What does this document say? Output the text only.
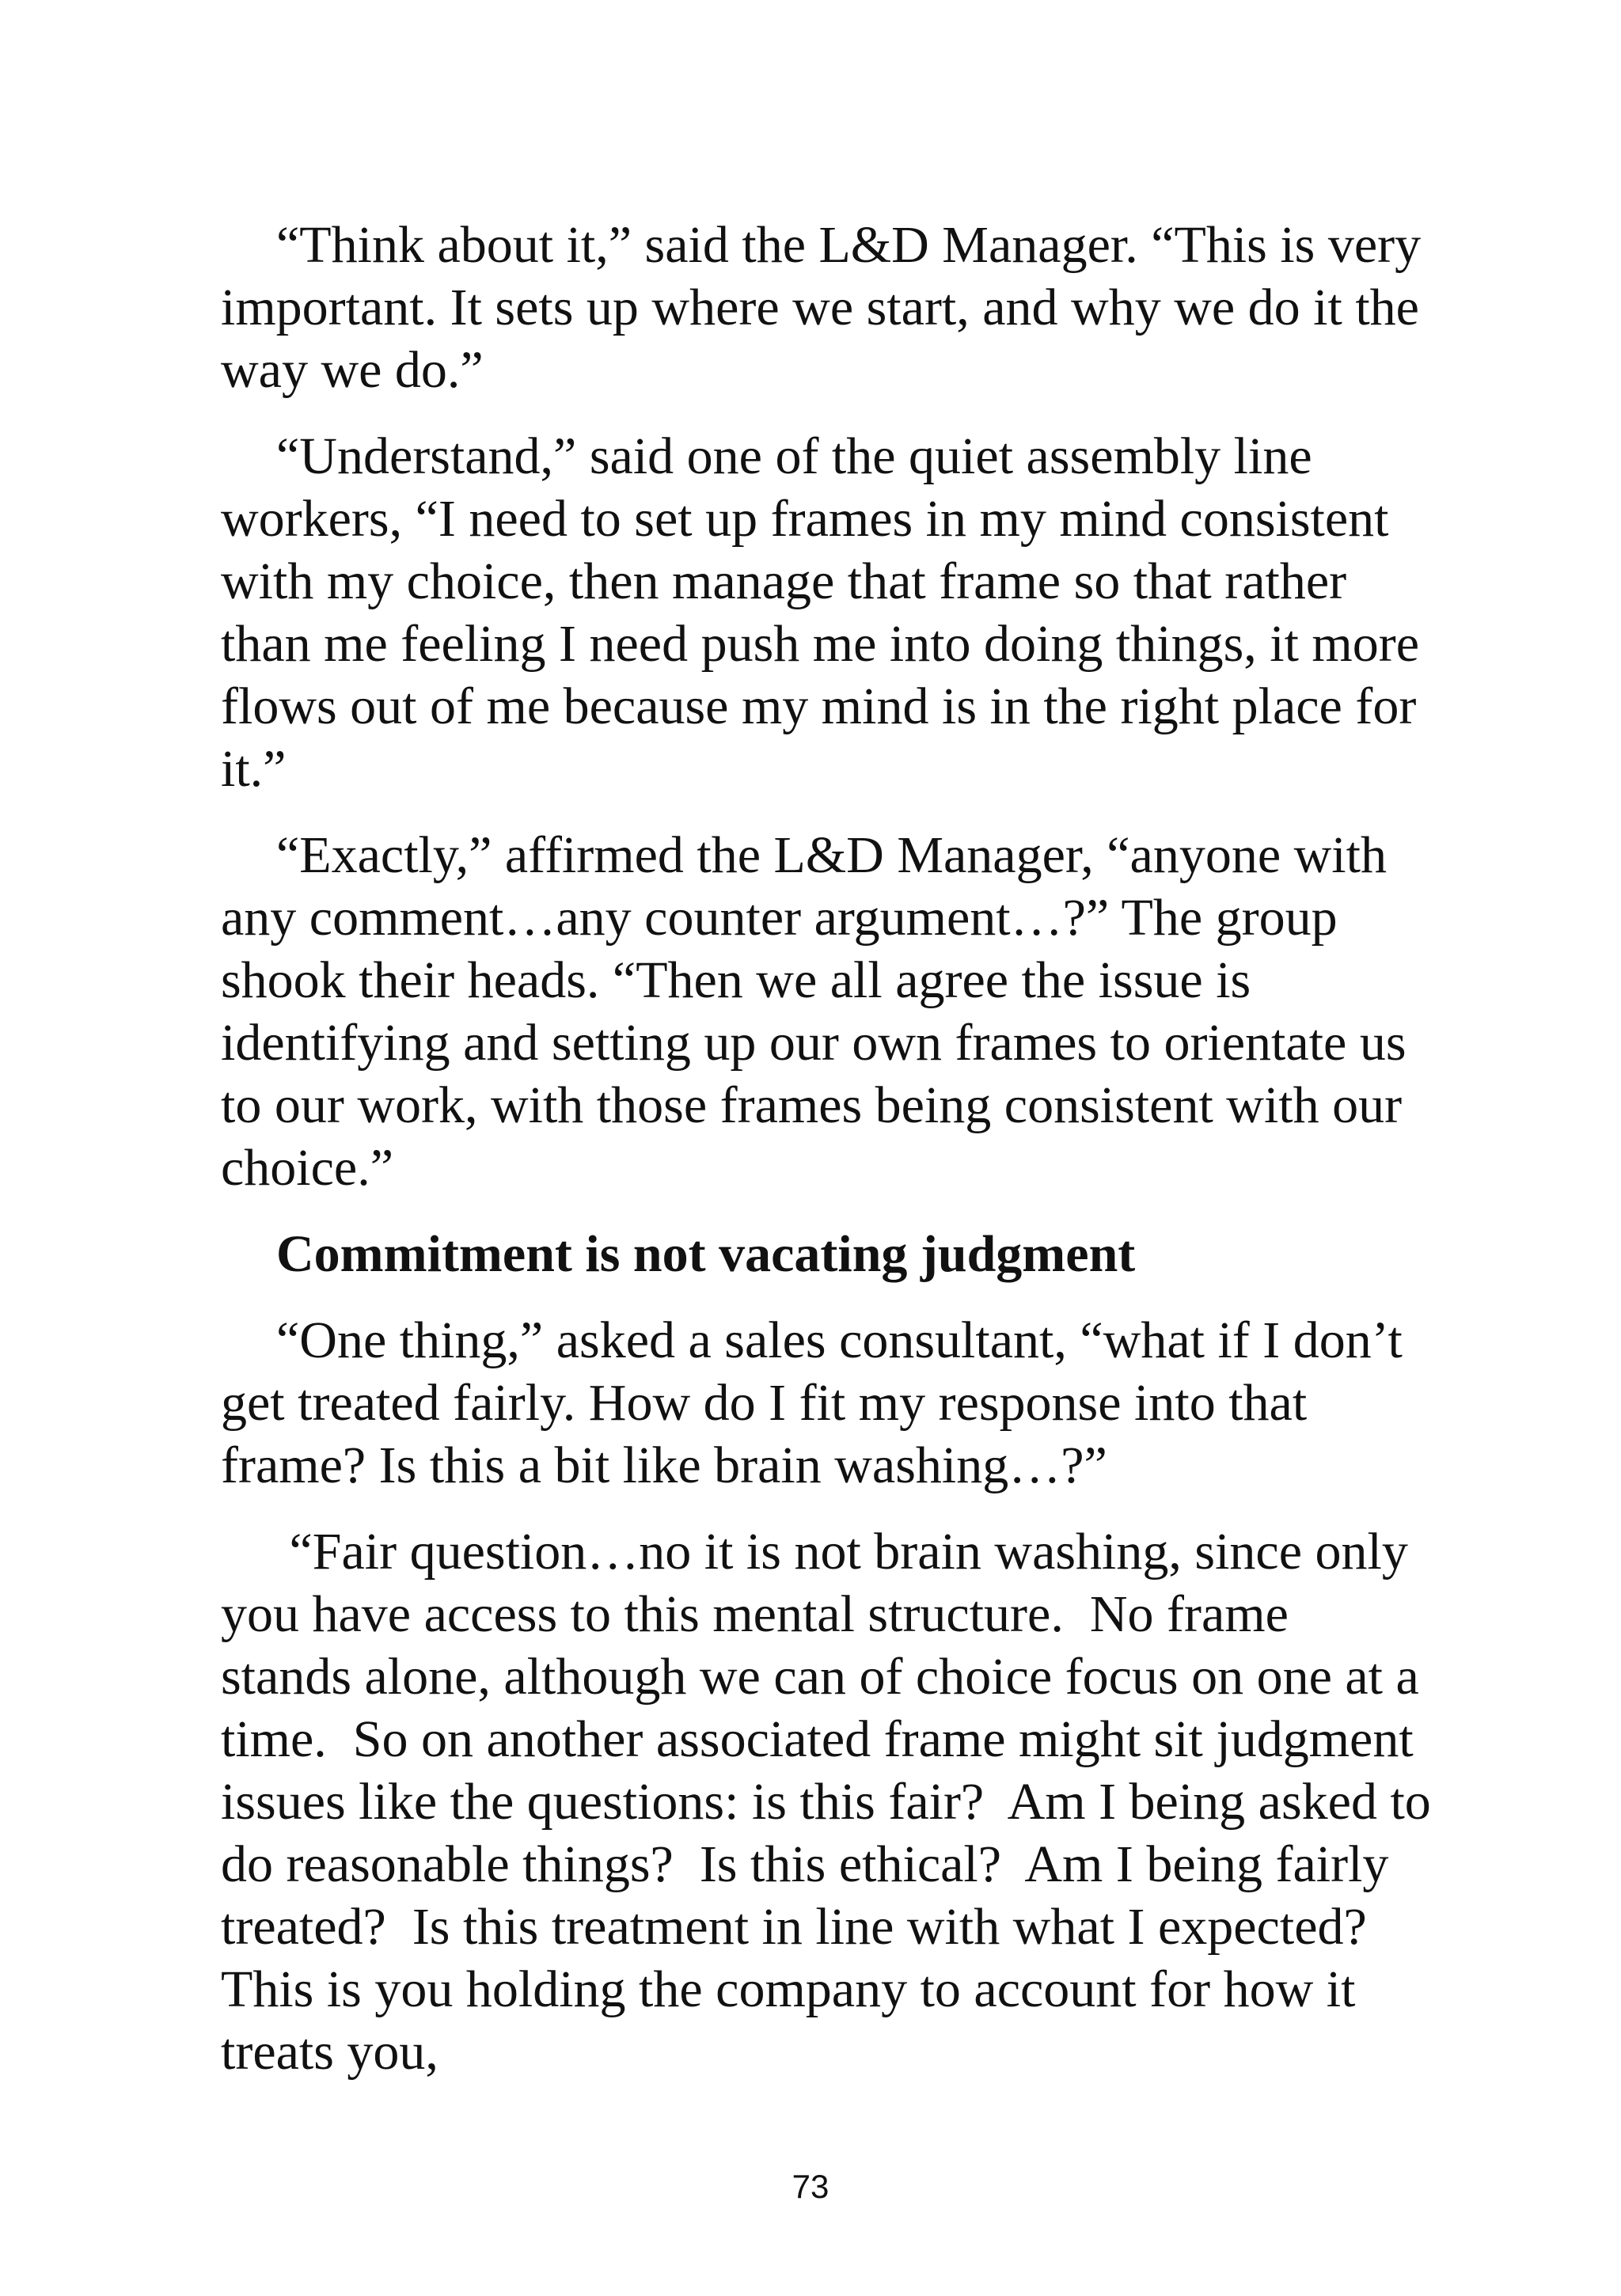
“Think about it,” said the L&D Manager. “This is very important. It sets up where we start, and why we do it the way we do.”

“Understand,” said one of the quiet assembly line workers, “I need to set up frames in my mind consistent with my choice, then manage that frame so that rather than me feeling I need push me into doing things, it more flows out of me because my mind is in the right place for it.”

“Exactly,” affirmed the L&D Manager, “anyone with any comment…any counter argument…?” The group shook their heads. “Then we all agree the issue is identifying and setting up our own frames to orientate us to our work, with those frames being consistent with our choice.”

Commitment is not vacating judgment

“One thing,” asked a sales consultant, “what if I don’t get treated fairly. How do I fit my response into that frame? Is this a bit like brain washing…?”

“Fair question…no it is not brain washing, since only you have access to this mental structure.  No frame stands alone, although we can of choice focus on one at a time.  So on another associated frame might sit judgment issues like the questions: is this fair?  Am I being asked to do reasonable things?  Is this ethical?  Am I being fairly treated?  Is this treatment in line with what I expected?  This is you holding the company to account for how it treats you,

73
